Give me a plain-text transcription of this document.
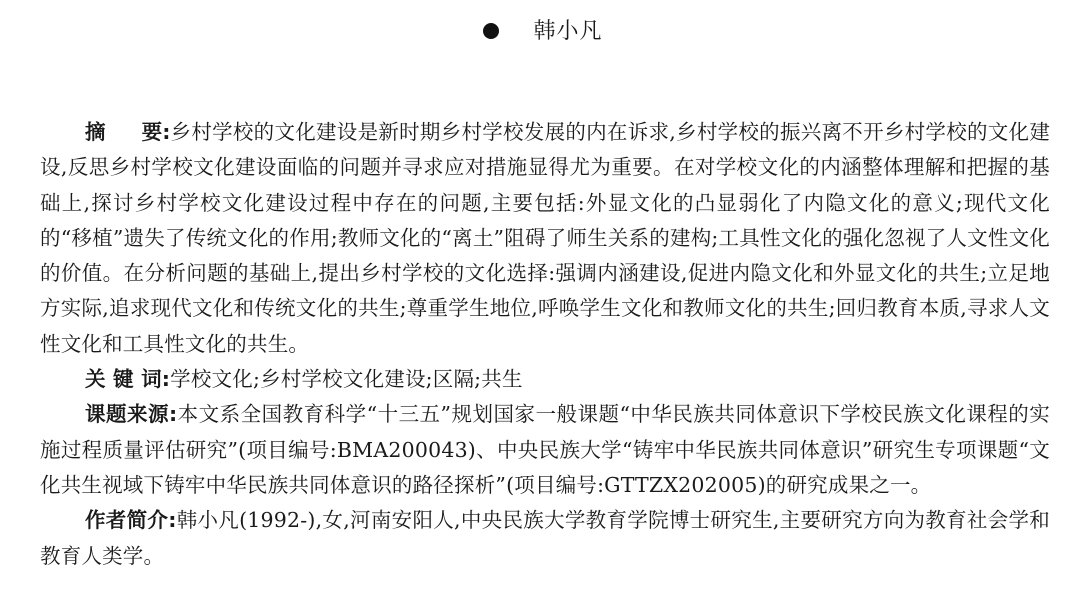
韩小凡

摘 要:乡村学校的文化建设是新时期乡村学校发展的内在诉求,乡村学校的振兴离不开乡村学校的文化建设,反思乡村学校文化建设面临的问题并寻求应对措施显得尤为重要。在对学校文化的内涵整体理解和把握的基础上,探讨乡村学校文化建设过程中存在的问题,主要包括:外显文化的凸显弱化了内隐文化的意义;现代文化的“移植”遗失了传统文化的作用;教师文化的“离土”阻碍了师生关系的建构;工具性文化的强化忽视了人文性文化的价值。在分析问题的基础上,提出乡村学校的文化选择:强调内涵建设,促进内隐文化和外显文化的共生;立足地方实际,追求现代文化和传统文化的共生;尊重学生地位,呼唤学生文化和教师文化的共生;回归教育本质,寻求人文性文化和工具性文化的共生。

关 键 词:学校文化;乡村学校文化建设;区隔;共生

课题来源:本文系全国教育科学“十三五”规划国家一般课题“中华民族共同体意识下学校民族文化课程的实施过程质量评估研究”(项目编号:BMA200043)、中央民族大学“铸牢中华民族共同体意识”研究生专项课题“文化共生视域下铸牢中华民族共同体意识的路径探析”(项目编号:GTTZX202005)的研究成果之一。

作者简介:韩小凡(1992-),女,河南安阳人,中央民族大学教育学院博士研究生,主要研究方向为教育社会学和教育人类学。
